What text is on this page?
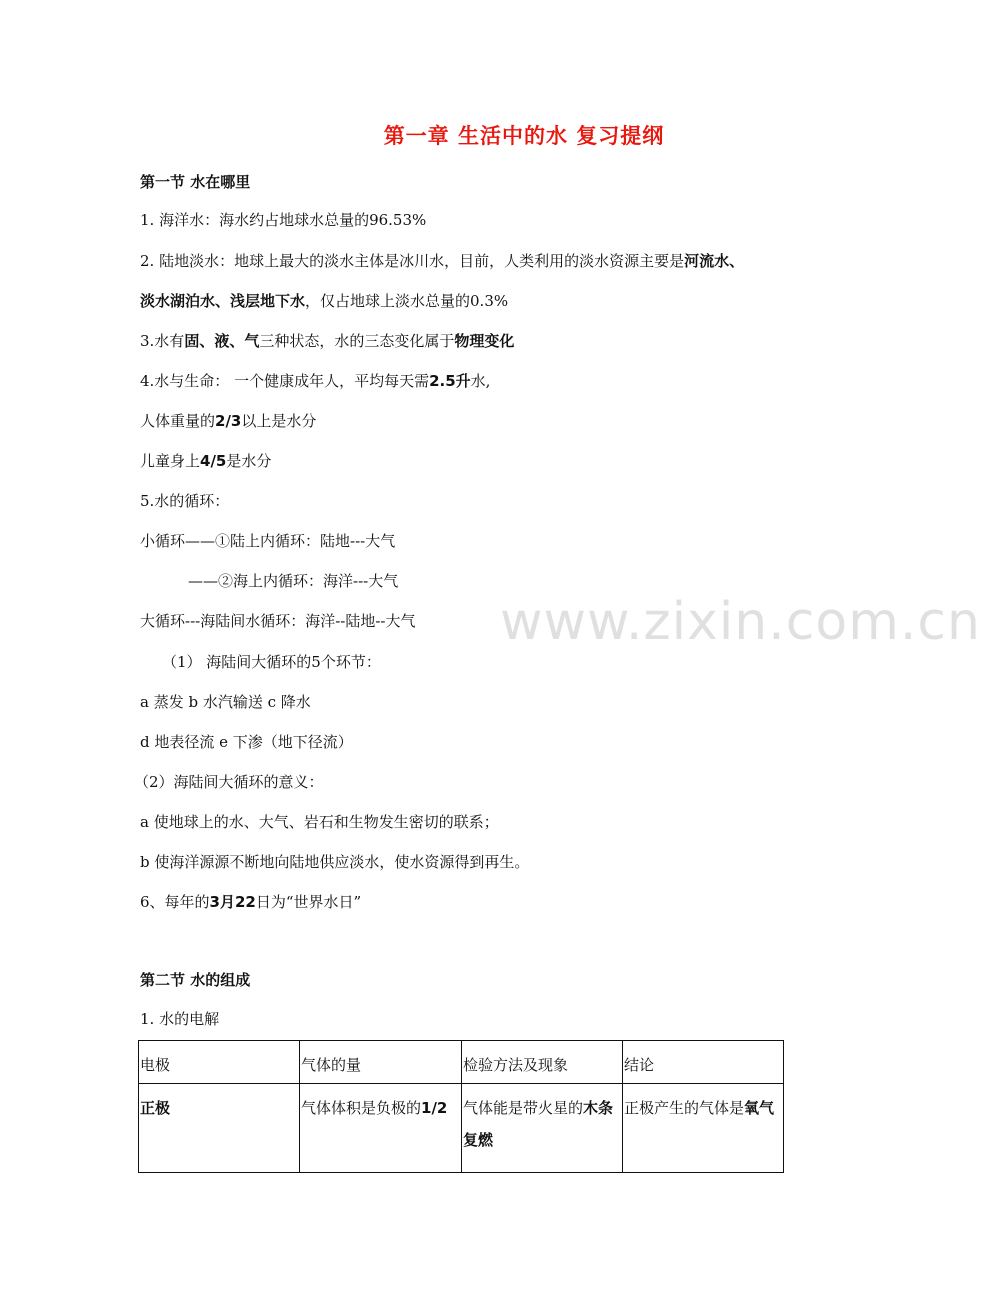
www.zixin.com.cn
第一章 生活中的水 复习提纲
第一节 水在哪里
1. 海洋水：海水约占地球水总量的96.53%
2. 陆地淡水：地球上最大的淡水主体是冰川水，目前，人类利用的淡水资源主要是河流水、
淡水湖泊水、浅层地下水，仅占地球上淡水总量的0.3%
3.水有固、液、气三种状态，水的三态变化属于物理变化
4.水与生命： 一个健康成年人，平均每天需2.5升水,
人体重量的2/3以上是水分
儿童身上4/5是水分
5.水的循环：
小循环——①陆上内循环：陆地---大气
——②海上内循环：海洋---大气
大循环---海陆间水循环：海洋--陆地--大气
（1） 海陆间大循环的5个环节：
a 蒸发 b 水汽输送 c 降水
d 地表径流 e 下渗（地下径流）
（2）海陆间大循环的意义：
a 使地球上的水、大气、岩石和生物发生密切的联系；
b 使海洋源源不断地向陆地供应淡水，使水资源得到再生。
6、每年的3月22日为“世界水日”
第二节 水的组成
1. 水的电解
电极	气体的量	检验方法及现象	结论
正极	气体体积是负极的1/2	气体能是带火星的木条复燃	正极产生的气体是氧气
